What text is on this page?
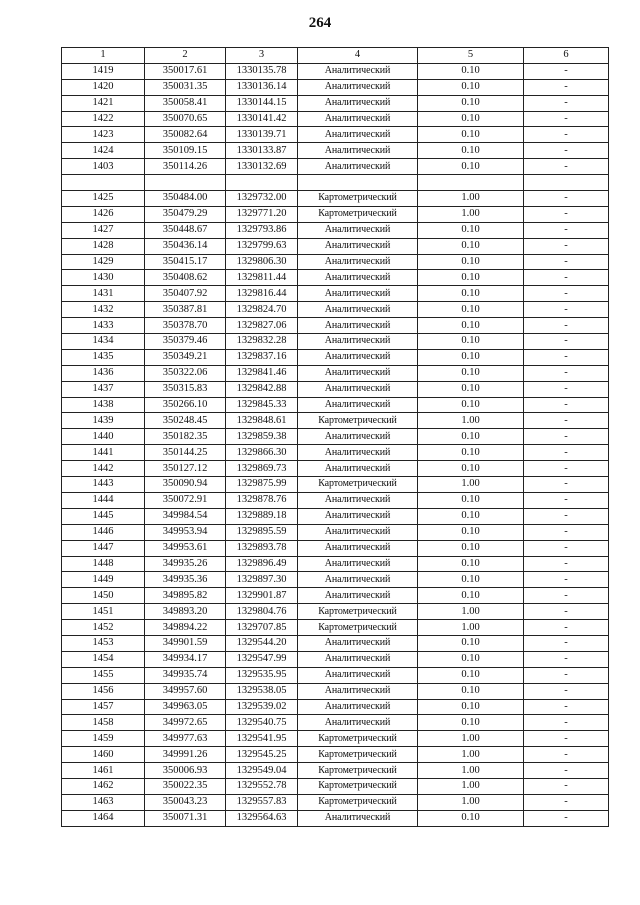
264
1	2	3	4	5	6
1419	350017.61	1330135.78	Аналитический	0.10	-
1420	350031.35	1330136.14	Аналитический	0.10	-
1421	350058.41	1330144.15	Аналитический	0.10	-
1422	350070.65	1330141.42	Аналитический	0.10	-
1423	350082.64	1330139.71	Аналитический	0.10	-
1424	350109.15	1330133.87	Аналитический	0.10	-
1403	350114.26	1330132.69	Аналитический	0.10	-

1425	350484.00	1329732.00	Картометрический	1.00	-
1426	350479.29	1329771.20	Картометрический	1.00	-
1427	350448.67	1329793.86	Аналитический	0.10	-
1428	350436.14	1329799.63	Аналитический	0.10	-
1429	350415.17	1329806.30	Аналитический	0.10	-
1430	350408.62	1329811.44	Аналитический	0.10	-
1431	350407.92	1329816.44	Аналитический	0.10	-
1432	350387.81	1329824.70	Аналитический	0.10	-
1433	350378.70	1329827.06	Аналитический	0.10	-
1434	350379.46	1329832.28	Аналитический	0.10	-
1435	350349.21	1329837.16	Аналитический	0.10	-
1436	350322.06	1329841.46	Аналитический	0.10	-
1437	350315.83	1329842.88	Аналитический	0.10	-
1438	350266.10	1329845.33	Аналитический	0.10	-
1439	350248.45	1329848.61	Картометрический	1.00	-
1440	350182.35	1329859.38	Аналитический	0.10	-
1441	350144.25	1329866.30	Аналитический	0.10	-
1442	350127.12	1329869.73	Аналитический	0.10	-
1443	350090.94	1329875.99	Картометрический	1.00	-
1444	350072.91	1329878.76	Аналитический	0.10	-
1445	349984.54	1329889.18	Аналитический	0.10	-
1446	349953.94	1329895.59	Аналитический	0.10	-
1447	349953.61	1329893.78	Аналитический	0.10	-
1448	349935.26	1329896.49	Аналитический	0.10	-
1449	349935.36	1329897.30	Аналитический	0.10	-
1450	349895.82	1329901.87	Аналитический	0.10	-
1451	349893.20	1329804.76	Картометрический	1.00	-
1452	349894.22	1329707.85	Картометрический	1.00	-
1453	349901.59	1329544.20	Аналитический	0.10	-
1454	349934.17	1329547.99	Аналитический	0.10	-
1455	349935.74	1329535.95	Аналитический	0.10	-
1456	349957.60	1329538.05	Аналитический	0.10	-
1457	349963.05	1329539.02	Аналитический	0.10	-
1458	349972.65	1329540.75	Аналитический	0.10	-
1459	349977.63	1329541.95	Картометрический	1.00	-
1460	349991.26	1329545.25	Картометрический	1.00	-
1461	350006.93	1329549.04	Картометрический	1.00	-
1462	350022.35	1329552.78	Картометрический	1.00	-
1463	350043.23	1329557.83	Картометрический	1.00	-
1464	350071.31	1329564.63	Аналитический	0.10	-
